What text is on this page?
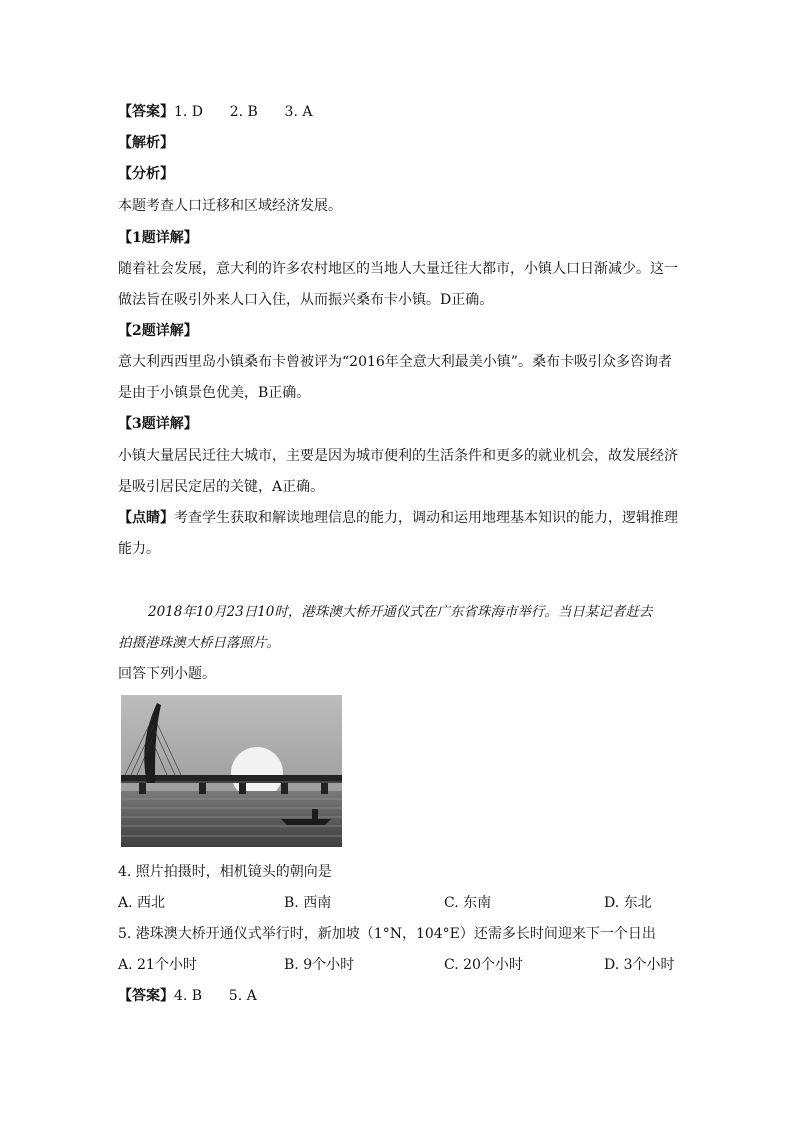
【答案】1. D      2. B      3. A
【解析】
【分析】
本题考查人口迁移和区域经济发展。
【1题详解】
随着社会发展，意大利的许多农村地区的当地人大量迁往大都市，小镇人口日渐减少。这一
做法旨在吸引外来人口入住，从而振兴桑布卡小镇。D正确。
【2题详解】
意大利西西里岛小镇桑布卡曾被评为“2016年全意大利最美小镇”。桑布卡吸引众多咨询者
是由于小镇景色优美，B正确。
【3题详解】
小镇大量居民迁往大城市，主要是因为城市便利的生活条件和更多的就业机会，故发展经济
是吸引居民定居的关键，A正确。
【点睛】考查学生获取和解读地理信息的能力，调动和运用地理基本知识的能力，逻辑推理
能力。
2018年10月23日10时，港珠澳大桥开通仪式在广东省珠海市举行。当日某记者赶去
拍摄港珠澳大桥日落照片。
回答下列小题。
4. 照片拍摄时，相机镜头的朝向是
A. 西北	B. 西南	C. 东南	D. 东北
5. 港珠澳大桥开通仪式举行时，新加坡（1°N，104°E）还需多长时间迎来下一个日出
A. 21个小时	B. 9个小时	C. 20个小时	D. 3个小时
【答案】4. B      5. A
